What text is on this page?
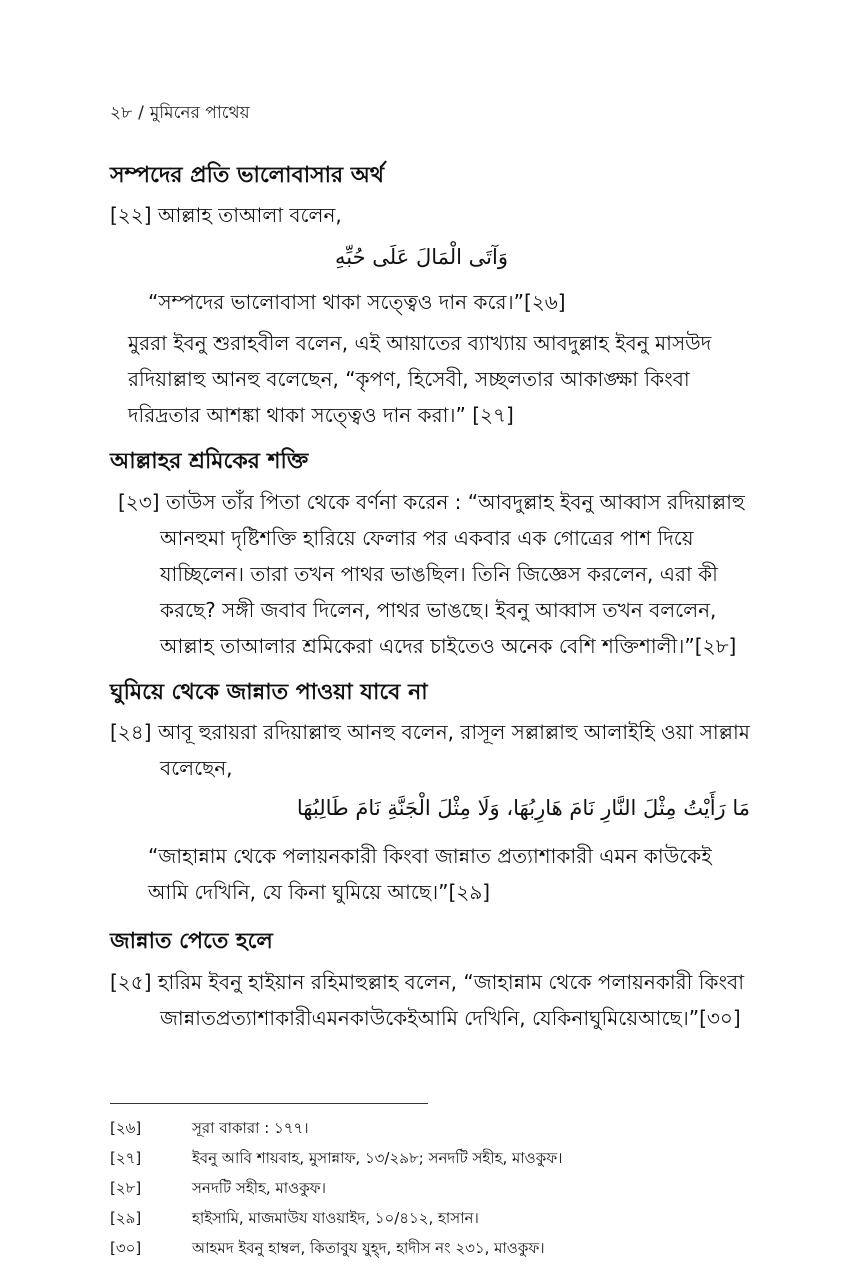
২৮ / মুমিনের পাথেয়
সম্পদের প্রতি ভালোবাসার অর্থ
[২২] আল্লাহ তাআলা বলেন,
وَآتَى الْمَالَ عَلَى حُبِّهِ
“সম্পদের ভালোবাসা থাকা সত্ত্বেও দান করে।”[২৬]
মুররা ইবনু শুরাহবীল বলেন, এই আয়াতের ব্যাখ্যায় আবদুল্লাহ ইবনু মাসউদ
রদিয়াল্লাহু আনহু বলেছেন, “কৃপণ, হিসেবী, সচ্ছলতার আকাঙ্ক্ষা কিংবা
দরিদ্রতার আশঙ্কা থাকা সত্ত্বেও দান করা।” [২৭]
আল্লাহর শ্রমিকের শক্তি
[২৩] তাউস তাঁর পিতা থেকে বর্ণনা করেন : “আবদুল্লাহ ইবনু আব্বাস রদিয়াল্লাহু
আনহুমা দৃষ্টিশক্তি হারিয়ে ফেলার পর একবার এক গোত্রের পাশ দিয়ে
যাচ্ছিলেন। তারা তখন পাথর ভাঙছিল। তিনি জিজ্ঞেস করলেন, এরা কী
করছে? সঙ্গী জবাব দিলেন, পাথর ভাঙছে। ইবনু আব্বাস তখন বললেন,
আল্লাহ তাআলার শ্রমিকেরা এদের চাইতেও অনেক বেশি শক্তিশালী।”[২৮]
ঘুমিয়ে থেকে জান্নাত পাওয়া যাবে না
[২৪] আবূ হুরায়রা রদিয়াল্লাহু আনহু বলেন, রাসূল সল্লাল্লাহু আলাইহি ওয়া সাল্লাম
বলেছেন,
مَا رَأَيْتُ مِثْلَ النَّارِ نَامَ هَارِبُهَا، وَلَا مِثْلَ الْجَنَّةِ نَامَ طَالِبُهَا
“জাহান্নাম থেকে পলায়নকারী কিংবা জান্নাত প্রত্যাশাকারী এমন কাউকেই
আমি দেখিনি, যে কিনা ঘুমিয়ে আছে।”[২৯]
জান্নাত পেতে হলে
[২৫] হারিম ইবনু হাইয়ান রহিমাহুল্লাহ বলেন, “জাহান্নাম থেকে পলায়নকারী কিংবা
জান্নাতপ্রত্যাশাকারীএমনকাউকেইআমি দেখিনি, যেকিনাঘুমিয়েআছে।”[৩০]
[২৬]	সূরা বাকারা : ১৭৭।
[২৭]	ইবনু আবি শায়বাহ, মুসান্নাফ, ১৩/২৯৮; সনদটি সহীহ, মাওকুফ।
[২৮]	সনদটি সহীহ, মাওকুফ।
[২৯]	হাইসামি, মাজমাউয যাওয়াইদ, ১০/৪১২, হাসান।
[৩০]	আহমদ ইবনু হাম্বল, কিতাবুয যুহ্‌দ, হাদীস নং ২৩১, মাওকুফ।
